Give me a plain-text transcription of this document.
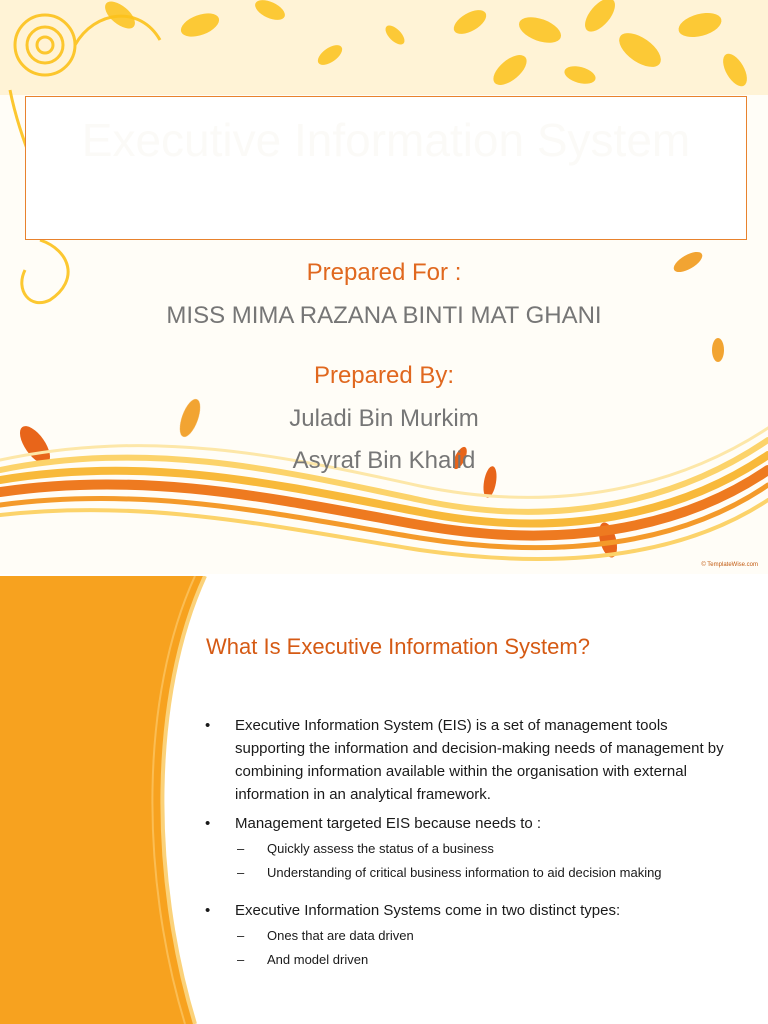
Executive Information System
Prepared For :
MISS MIMA RAZANA BINTI MAT GHANI
Prepared By:
Juladi Bin Murkim
Asyraf Bin Khalid
© TemplateWise.com
What Is Executive Information System?
• Executive Information System (EIS) is a set of management tools supporting the information and decision-making needs of management by combining information available within the organisation with external information in an analytical framework.
• Management targeted EIS because needs to :
– Quickly assess the status of a business
– Understanding of critical business information to aid decision making
• Executive Information Systems come in two distinct types:
– Ones that are data driven
– And model driven
